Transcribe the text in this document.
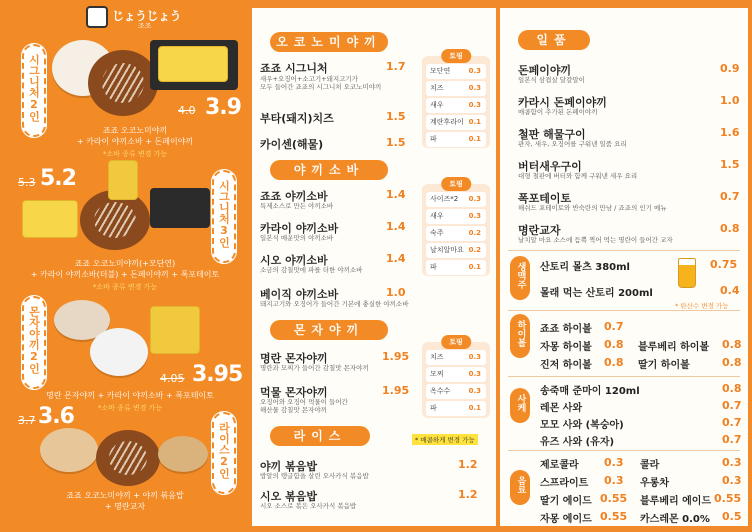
じょうじょう
조조
시그니처2인	4.0 3.9
죠죠 오코노미야끼
+ 카라이 야끼소바 + 돈페이야끼
*소바 종류 변경 가능
5.3 5.2
시그니처3인
죠죠 오코노미야끼(+모단연)
+ 카라이 야끼소바(더블) + 돈페이야끼 + 폭포테이토
*소바 종류 변경 가능
몬자야끼2인
4.05 3.95
명란 몬자야끼 + 카라이 야끼소바 + 폭포테이토
*소바 종류 변경 가능
3.7 3.6
라이스2인
죠죠 오코노미야끼 + 야끼 볶음밥
+ 명란교자
오코노미야끼
죠죠 시그니처	1.7
새우+오징어+소고기+돼지고기가
모두 들어간 죠죠의 시그니처 오코노미야끼
부타(돼지)치즈	1.5
카이센(해물)	1.5
토핑
모단연	0.3
치즈	0.3
새우	0.3
계란후라이 0.1
파	0.1
야끼소바
죠죠 야끼소바	1.4
특제소스로 만든 야끼소바
카라이 야끼소바	1.4
일본식 매운맛의 야끼소바
시오 야끼소바	1.4
소금의 감칠맛에 파를 더한 야끼소바
베이직 야끼소바	1.0
돼지고기와 오징어가 들어간 기본에 충실한 야끼소바
토핑
사이즈*2 0.3
새우	0.3
숙주	0.2
날치알마요 0.2
파	0.1
몬자야끼
명란 몬자야끼	1.95
명란과 모찌가 들어간 감칠맛 몬자야끼
먹물 몬자야끼	1.95
오징어와 오징어 먹물이 들어간
해산물 감칠맛 몬자야끼
토핑
치즈	0.3
모찌	0.3
옥수수	0.3
파	0.1
라이스	* 매콤하게 변경 가능
야끼 볶음밥	1.2
밥알의 탱글함을 살린 오사카식 볶음밥
시오 볶음밥	1.2
시오 소스로 볶은 오사카식 볶음밥
일품
돈페이야끼	0.9
일본식 삼겹살 달걀말이
카라시 돈페이야끼	1.0
매콤함이 추가된 돈페이야끼
철판 해물구이	1.6
관자, 새우, 오징어를 구워낸 일품 요리
버터새우구이	1.5
대형 철판에 버터와 함께 구워낸 새우 요리
폭포테이토	0.7
해쉬드 포테이토와 반숙란의 만남 / 죠죠의 인기 메뉴
명란교자	0.8
날치알 마요 소스에 듬뿍 찍어 먹는 명란이 들어간 교자
생맥주	산토리 몰츠 380ml	0.75
몰래 먹는 산토리 200ml	0.4
* 탄산수 변경 가능
하이볼	죠죠 하이볼 0.7
자몽 하이볼 0.8 블루베리 하이볼 0.8
진저 하이볼 0.8 딸기 하이볼	0.8
사케
송죽매 준마이 120ml	0.8
레몬 사와	0.7
모모 사와 (복숭아)	0.7
유즈 사와 (유자)	0.7
음료
제로콜라 0.3 콜라	0.3
스프라이트 0.3 우롱차	0.3
딸기 에이드 0.55 블루베리 에이드 0.55
자몽 에이드 0.55 카스레몬 0.0% 0.5
